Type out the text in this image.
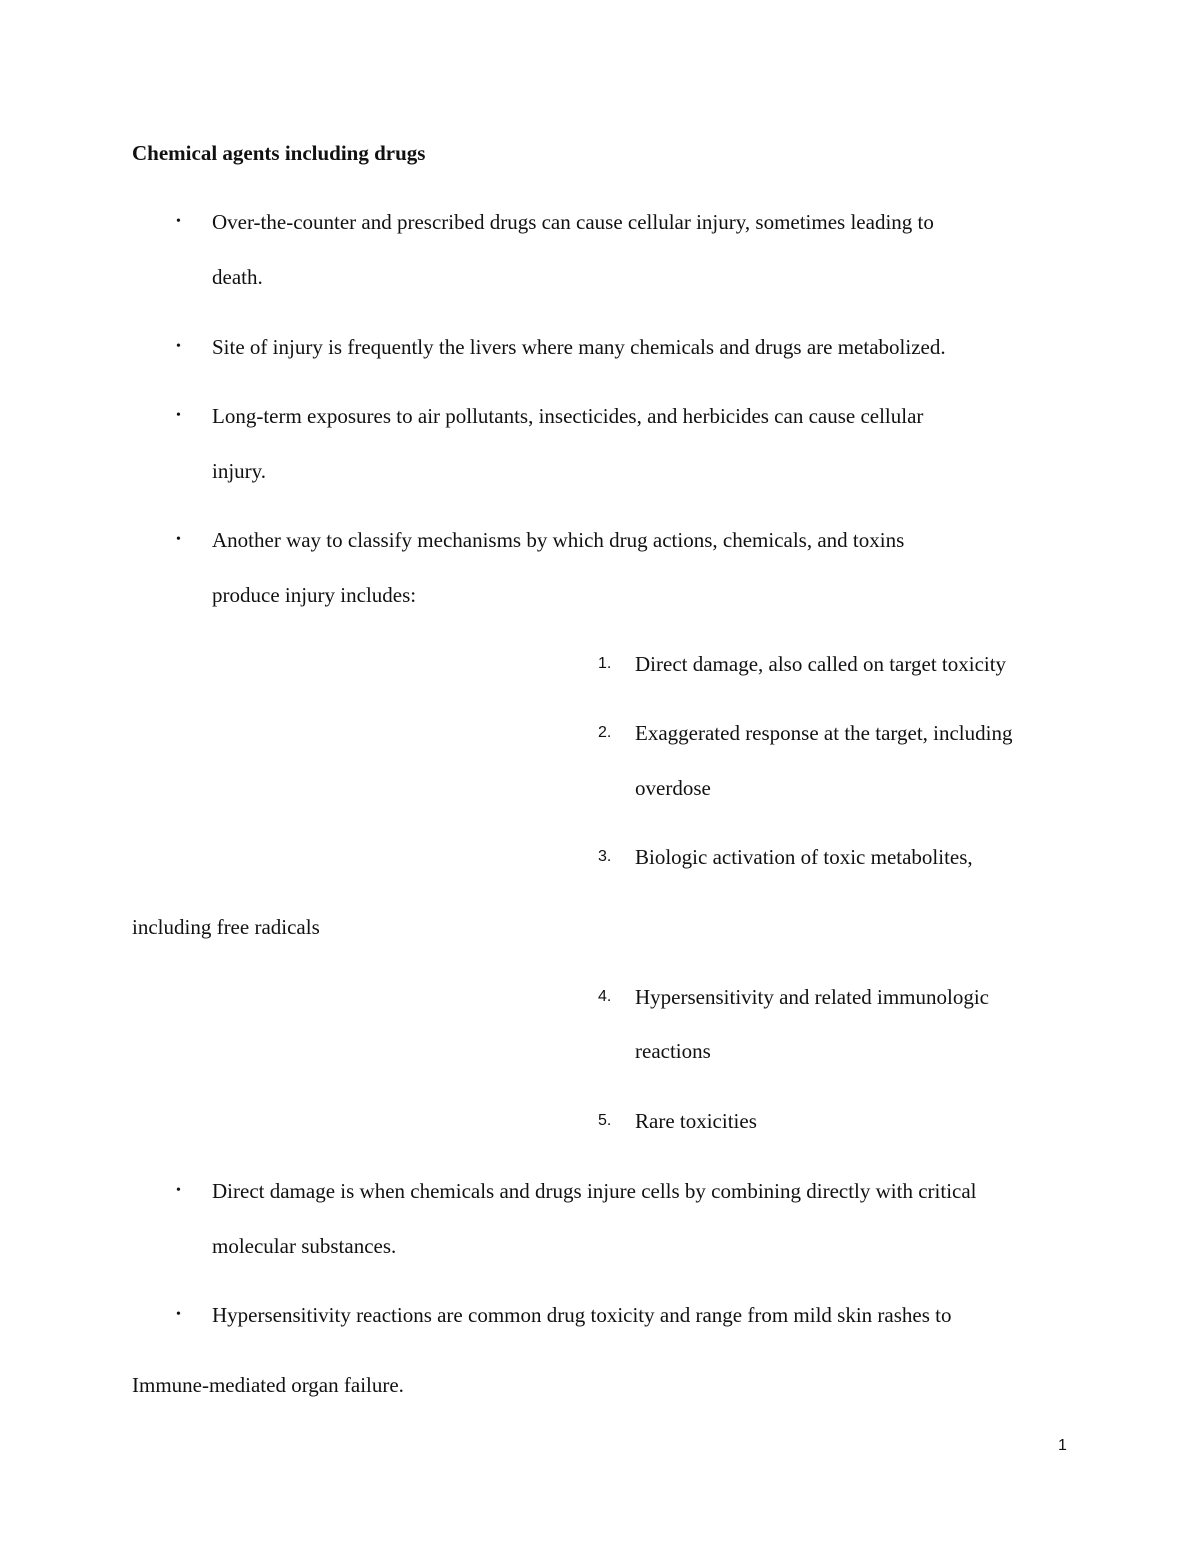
Chemical agents including drugs
• Over-the-counter and prescribed drugs can cause cellular injury, sometimes leading to
death.
• Site of injury is frequently the livers where many chemicals and drugs are metabolized.
• Long-term exposures to air pollutants, insecticides, and herbicides can cause cellular
injury.
• Another way to classify mechanisms by which drug actions, chemicals, and toxins
produce injury includes:
1. Direct damage, also called on target toxicity
2. Exaggerated response at the target, including
overdose
3. Biologic activation of toxic metabolites,
including free radicals
4. Hypersensitivity and related immunologic
reactions
5. Rare toxicities
• Direct damage is when chemicals and drugs injure cells by combining directly with critical
molecular substances.
• Hypersensitivity reactions are common drug toxicity and range from mild skin rashes to
Immune-mediated organ failure.
1
